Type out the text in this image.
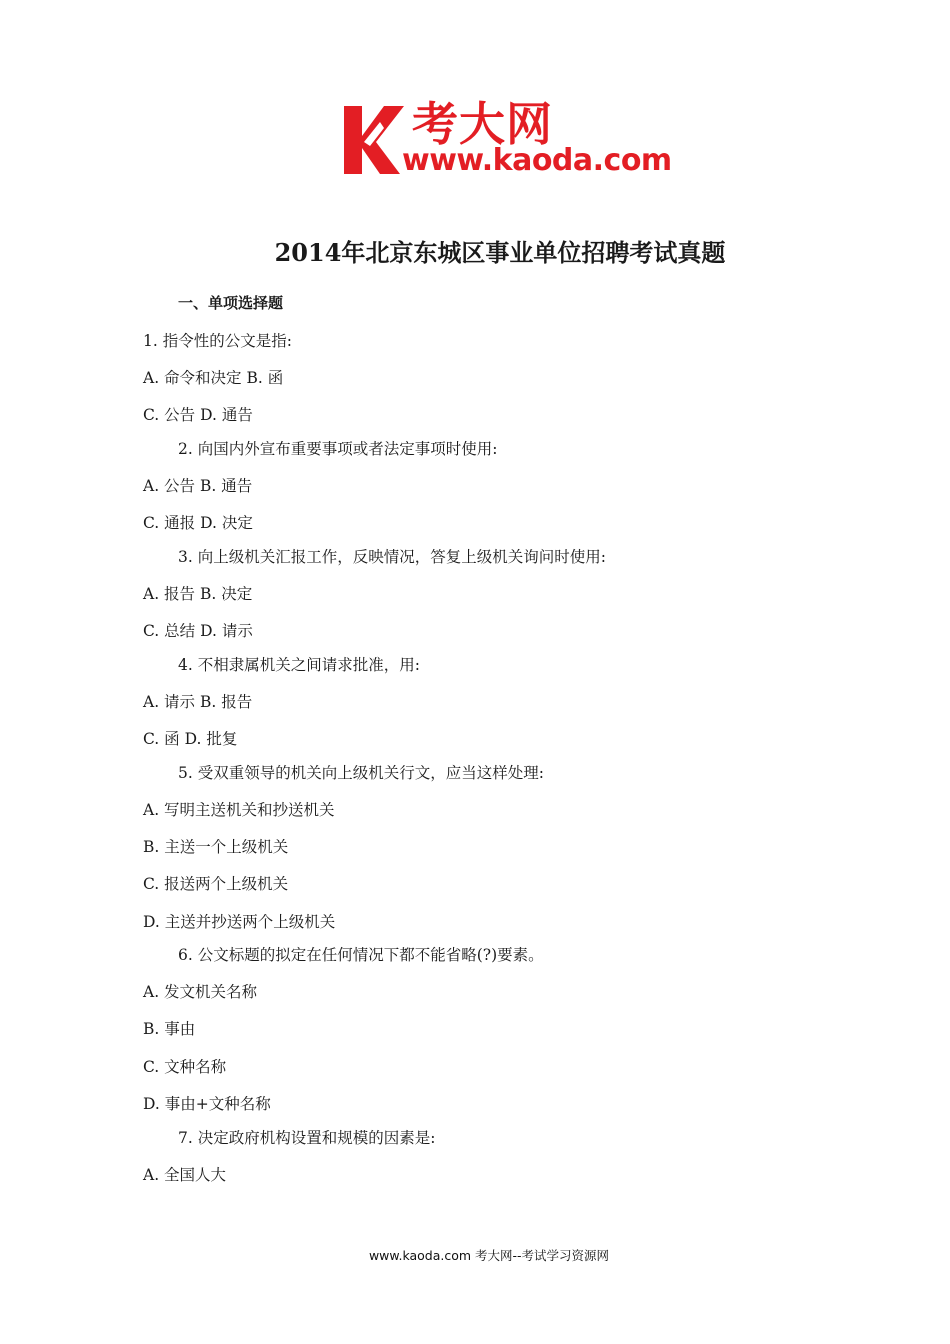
考大网
www.kaoda.com
2014年北京东城区事业单位招聘考试真题
一、单项选择题
1. 指令性的公文是指:
A. 命令和决定 B. 函
C. 公告 D. 通告
2. 向国内外宣布重要事项或者法定事项时使用:
A. 公告 B. 通告
C. 通报 D. 决定
3. 向上级机关汇报工作，反映情况，答复上级机关询问时使用:
A. 报告 B. 决定
C. 总结 D. 请示
4. 不相隶属机关之间请求批准，用:
A. 请示 B. 报告
C. 函 D. 批复
5. 受双重领导的机关向上级机关行文，应当这样处理:
A. 写明主送机关和抄送机关
B. 主送一个上级机关
C. 报送两个上级机关
D. 主送并抄送两个上级机关
6. 公文标题的拟定在任何情况下都不能省略(?)要素。
A. 发文机关名称
B. 事由
C. 文种名称
D. 事由+文种名称
7. 决定政府机构设置和规模的因素是:
A. 全国人大
www.kaoda.com 考大网--考试学习资源网
